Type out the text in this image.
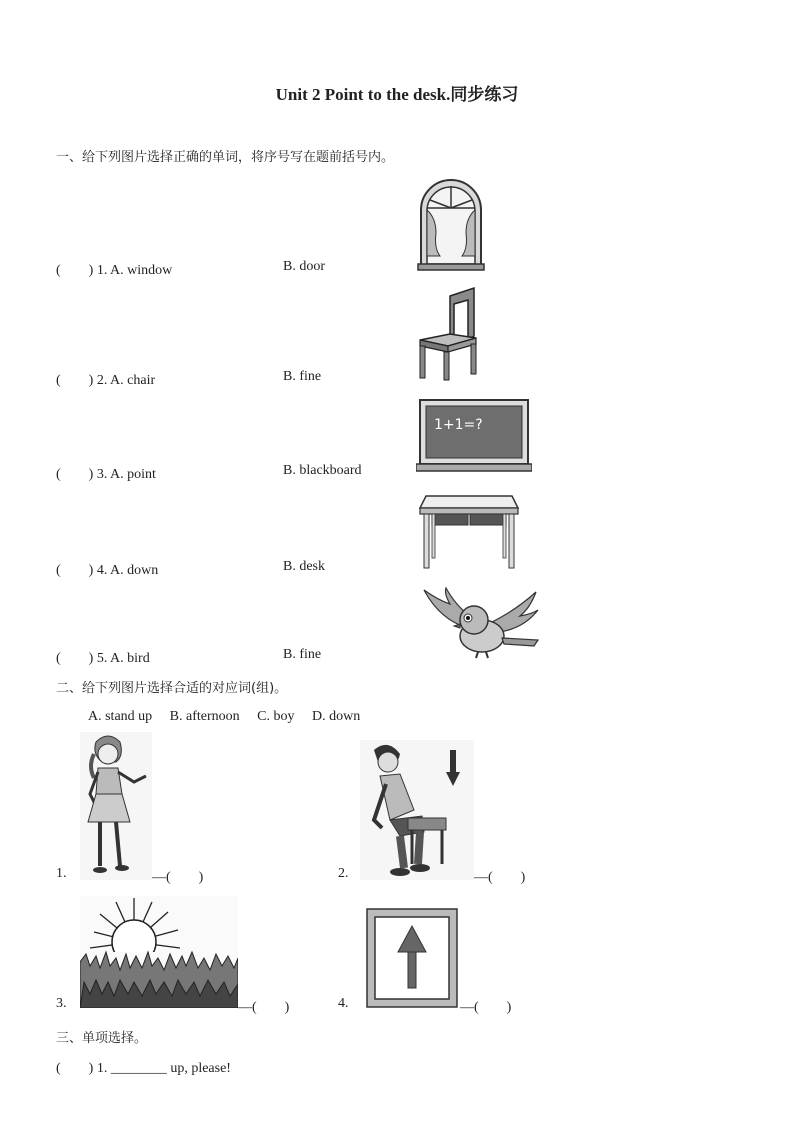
Unit 2 Point to the desk.同步练习
一、给下列图片选择正确的单词，将序号写在题前括号内。
(　　) 1. A. window	B. door
(　　) 2. A. chair	B. fine
(　　) 3. A. point	B. blackboard
(　　) 4. A. down	B. desk
(　　) 5. A. bird	B. fine
1+1=?
二、给下列图片选择合适的对应词(组)。
A. stand up　 B. afternoon　 C. boy　 D. down
1.	—(　　)	2.	—(　　)
3.	—(　　)	4.	—(　　)
三、单项选择。
(　　) 1. ________ up, please!
